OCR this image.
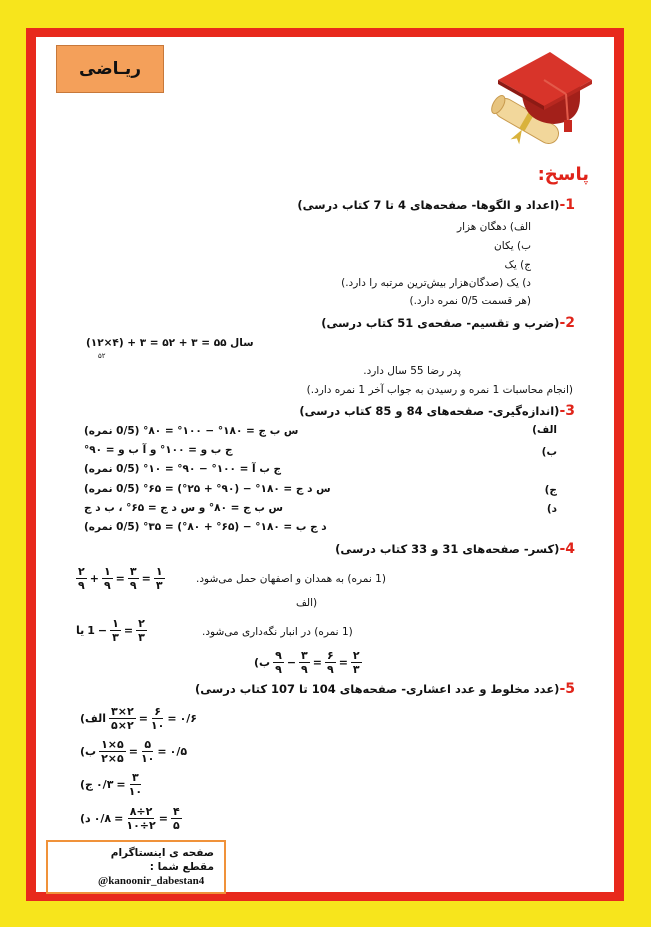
ریـاضی
پاسخ:
1-(اعداد و الگوها- صفحه‌های 4 تا 7 کتاب درسی)
الف) دهگان هزار
ب) یکان
ج) یک
د) یک (صدگان‌هزار بیش‌ترین مرتبه را دارد.)
(هر قسمت 0/5 نمره دارد.)
2-(ضرب و تقسیم- صفحه‌ی 51 کتاب درسی)
(۱۲×۴) + ۳ = ۵۲ + ۳ = ۵۵ سال
۵۲
پدر رضا 55 سال دارد.
(انجام محاسبات 1 نمره و رسیدن به جواب آخر 1 نمره دارد.)
3-(اندازه‌گیری- صفحه‌های 84 و 85 کتاب درسی)
الف)
ب)
ج)
د)
س ب ج = ۱۸۰° − ۱۰۰° = ۸۰° (0/5 نمره)
ج ب و = ۱۰۰° و آ ب و = ۹۰°
ج ب آ = ۱۰۰° − ۹۰° = ۱۰° (0/5 نمره)
س د ج = ۱۸۰° − (۹۰° + ۲۵°) = ۶۵° (0/5 نمره)
س ب ج = ۸۰° و س د ج = ۶۵° ، ب د ج
د ج ب = ۱۸۰° − (۶۵° + ۸۰°) = ۳۵° (0/5 نمره)
4-(کسر- صفحه‌های 31 و 33 کتاب درسی)
$\frac{۲}{۹} + \frac{۱}{۹} = \frac{۳}{۹} = \frac{۱}{۳}$	(1 نمره) به همدان و اصفهان حمل می‌شود.
(الف
یا $1 - \frac{۱}{۳} = \frac{۲}{۳}$	(1 نمره) در انبار نگه‌داری می‌شود.
(ب $\frac{۹}{۹} - \frac{۳}{۹} = \frac{۶}{۹} = \frac{۲}{۳}$
5-(عدد مخلوط و عدد اعشاری- صفحه‌های 104 تا 107 کتاب درسی)
(الف $\frac{۳\times ۲}{۵\times ۲} = \frac{۶}{۱۰}$ = ۰/۶
(ب $\frac{۱\times ۵}{۲\times ۵} = \frac{۵}{۱۰}$ = ۰/۵
(ج ۰/۳ = $\frac{۳}{۱۰}$
(د ۰/۸ = $\frac{۸\div ۲}{۱۰\div ۲} = \frac{۴}{۵}$
صفحه ی اینستاگرام
مقطع شما :
@kanoonir_dabestan4
